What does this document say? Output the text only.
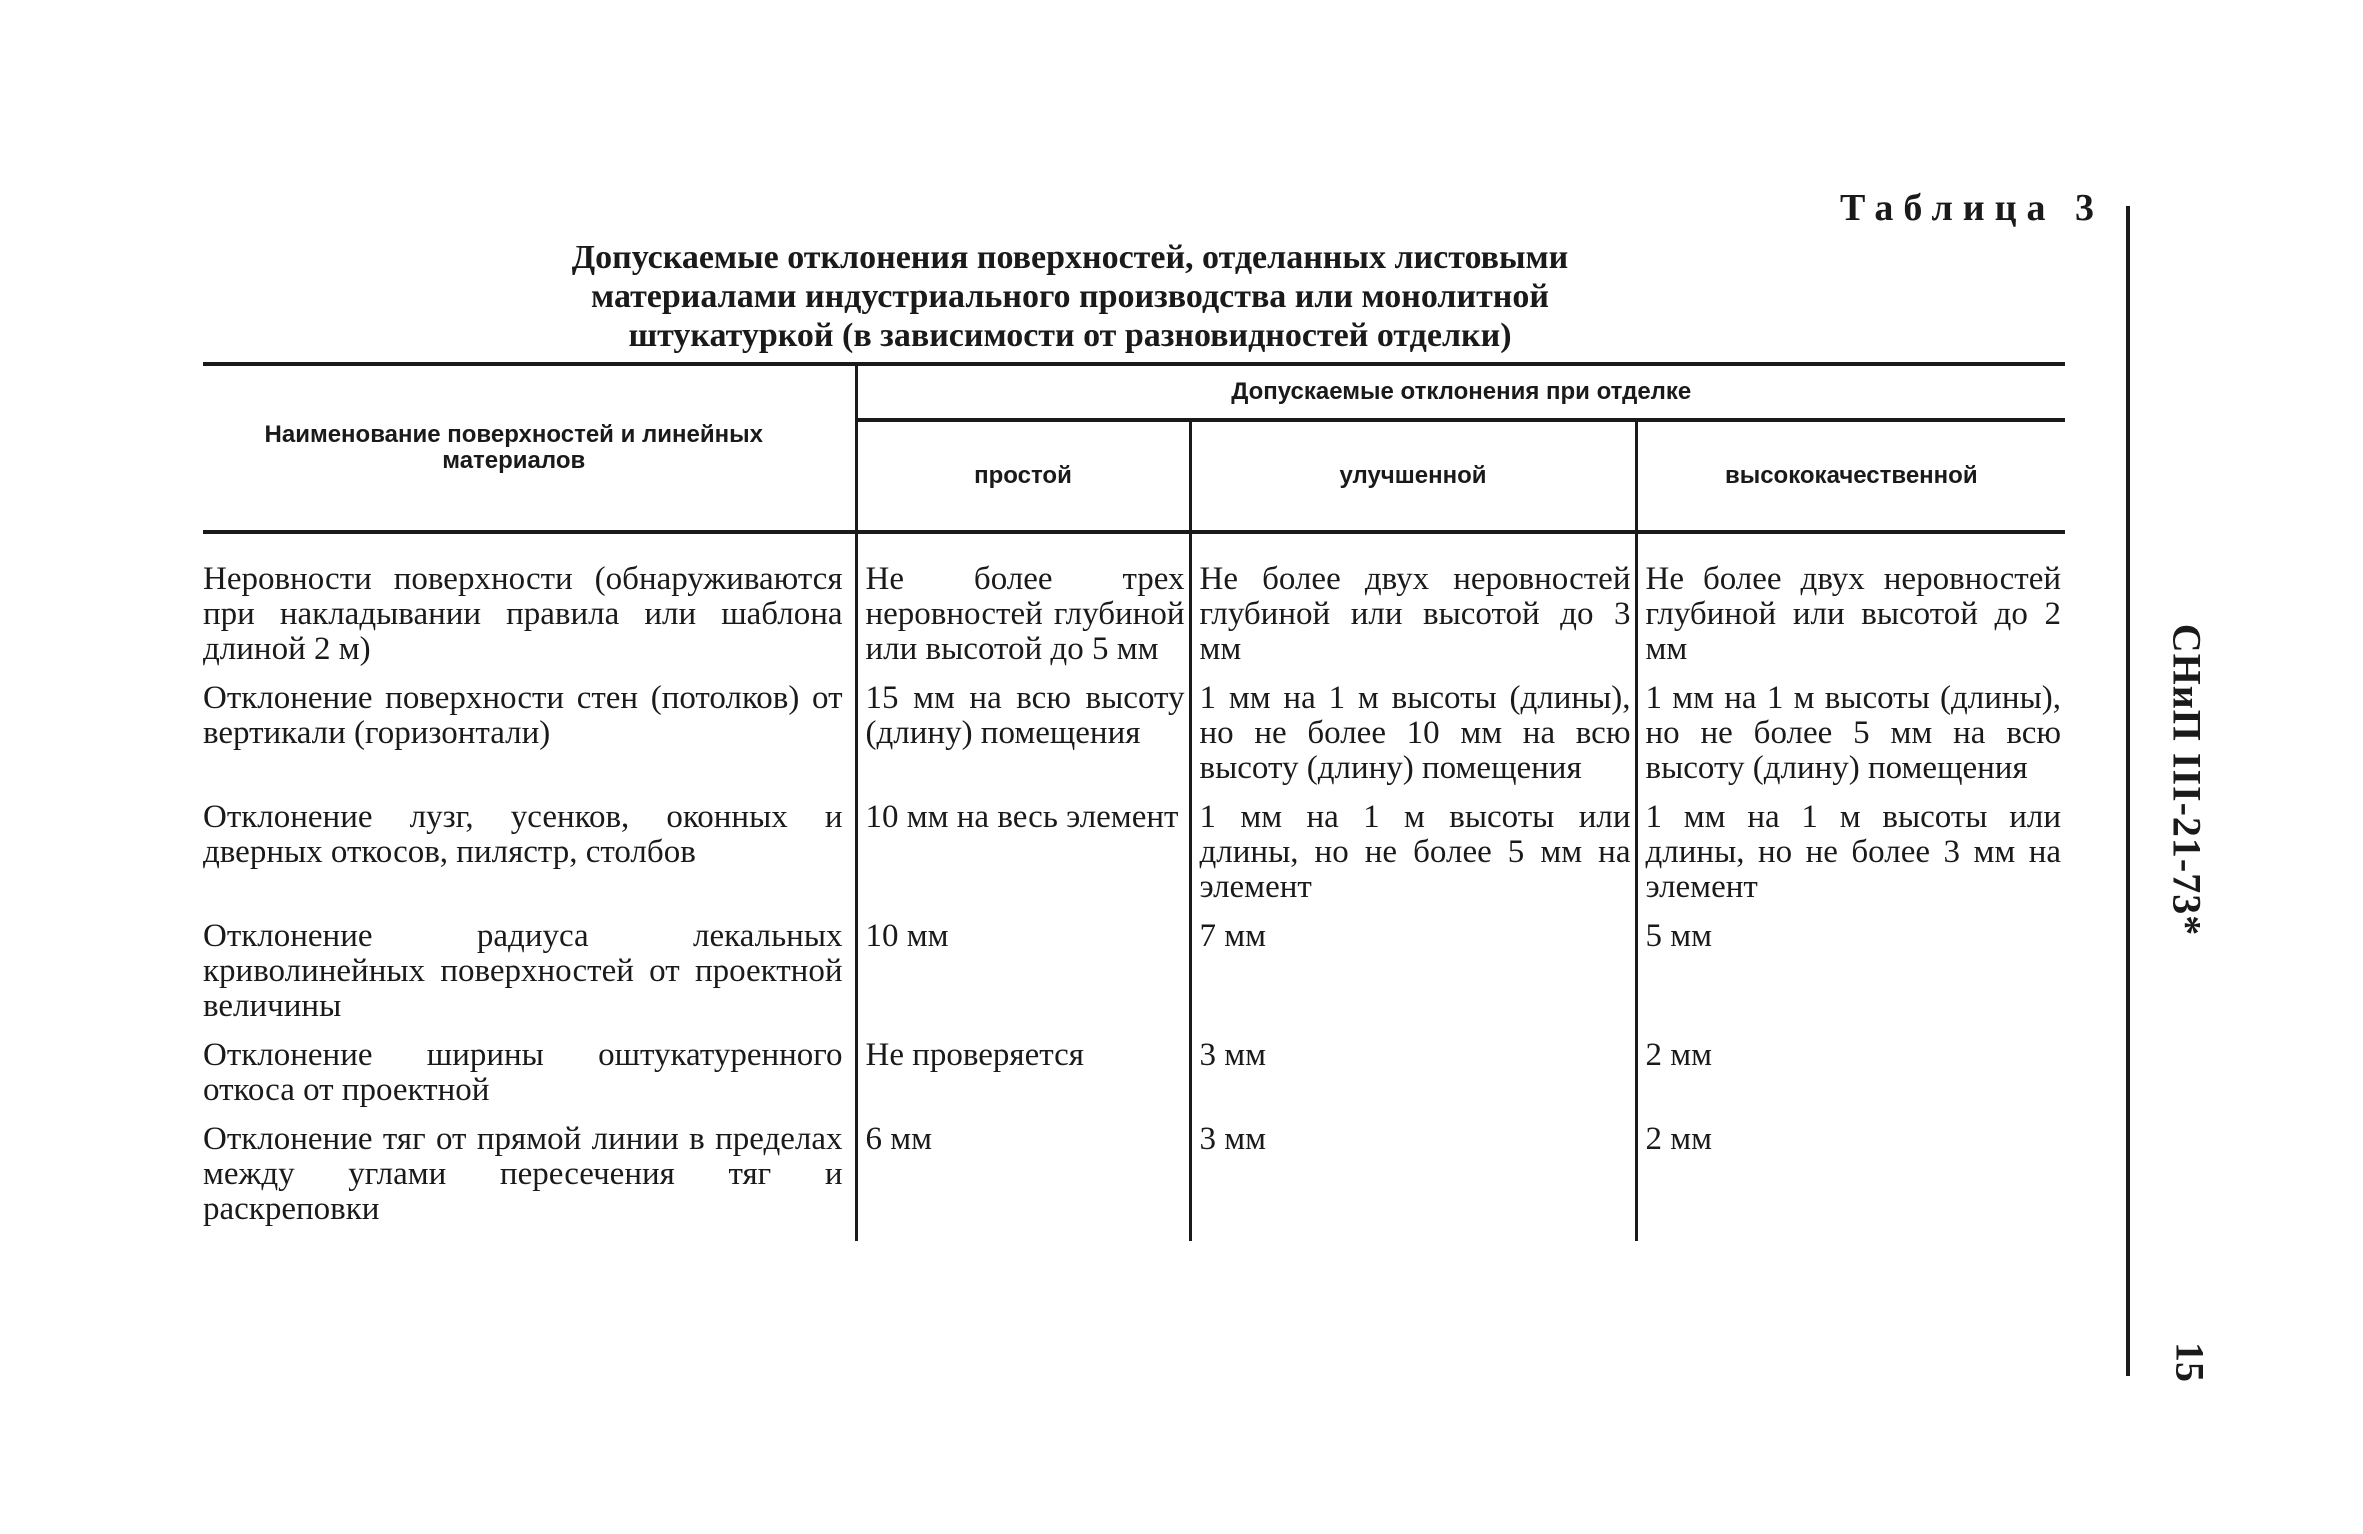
Таблица 3
Допускаемые отклонения поверхностей, отделанных листовыми
материалами индустриального производства или монолитной
штукатуркой (в зависимости от разновидностей отделки)
Наименование поверхностей и линейных материалов	Допускаемые отклонения при отделке		
	простой	улучшенной	высококачественной
Неровности поверхности (обнаруживаются при накладывании правила или шаблона длиной 2 м)	Не более трех неровностей глубиной или высотой до 5 мм	Не более двух неровностей глубиной или высотой до 3 мм	Не более двух неровностей глубиной или высотой до 2 мм
Отклонение поверхности стен (потолков) от вертикали (горизонтали)	15 мм на всю высоту (длину) помещения	1 мм на 1 м высоты (длины), но не более 10 мм на всю высоту (длину) помещения	1 мм на 1 м высоты (длины), но не более 5 мм на всю высоту (длину) помещения
Отклонение лузг, усенков, оконных и дверных откосов, пилястр, столбов	10 мм на весь элемент	1 мм на 1 м высоты или длины, но не более 5 мм на элемент	1 мм на 1 м высоты или длины, но не более 3 мм на элемент
Отклонение радиуса лекальных криволинейных поверхностей от проектной величины	10 мм	7 мм	5 мм
Отклонение ширины оштукатуренного откоса от проектной	Не проверяется	3 мм	2 мм
Отклонение тяг от прямой линии в пределах между углами пересечения тяг и раскреповки	6 мм	3 мм	2 мм
СНиП III-21-73*
15
